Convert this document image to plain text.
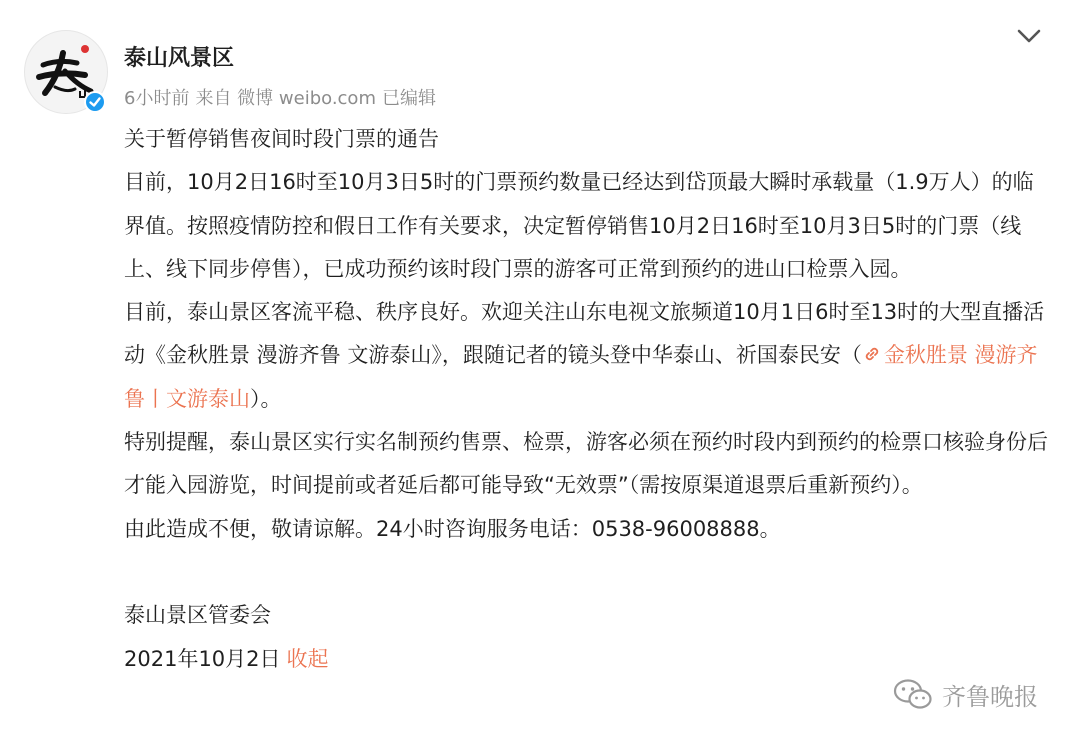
泰山风景区
6小时前 来自 微博 weibo.com 已编辑

关于暂停销售夜间时段门票的通告

目前，10月2日16时至10月3日5时的门票预约数量已经达到岱顶最大瞬时承载量（1.9万人）的临界值。按照疫情防控和假日工作有关要求，决定暂停销售10月2日16时至10月3日5时的门票（线上、线下同步停售），已成功预约该时段门票的游客可正常到预约的进山口检票入园。

目前，泰山景区客流平稳、秩序良好。欢迎关注山东电视文旅频道10月1日6时至13时的大型直播活动《金秋胜景 漫游齐鲁 文游泰山》，跟随记者的镜头登中华泰山、祈国泰民安（ 金秋胜景 漫游齐鲁丨文游泰山）。

特别提醒，泰山景区实行实名制预约售票、检票，游客必须在预约时段内到预约的检票口核验身份后才能入园游览，时间提前或者延后都可能导致“无效票”（需按原渠道退票后重新预约）。

由此造成不便，敬请谅解。24小时咨询服务电话：0538-96008888。

泰山景区管委会

2021年10月2日 收起

齐鲁晚报
